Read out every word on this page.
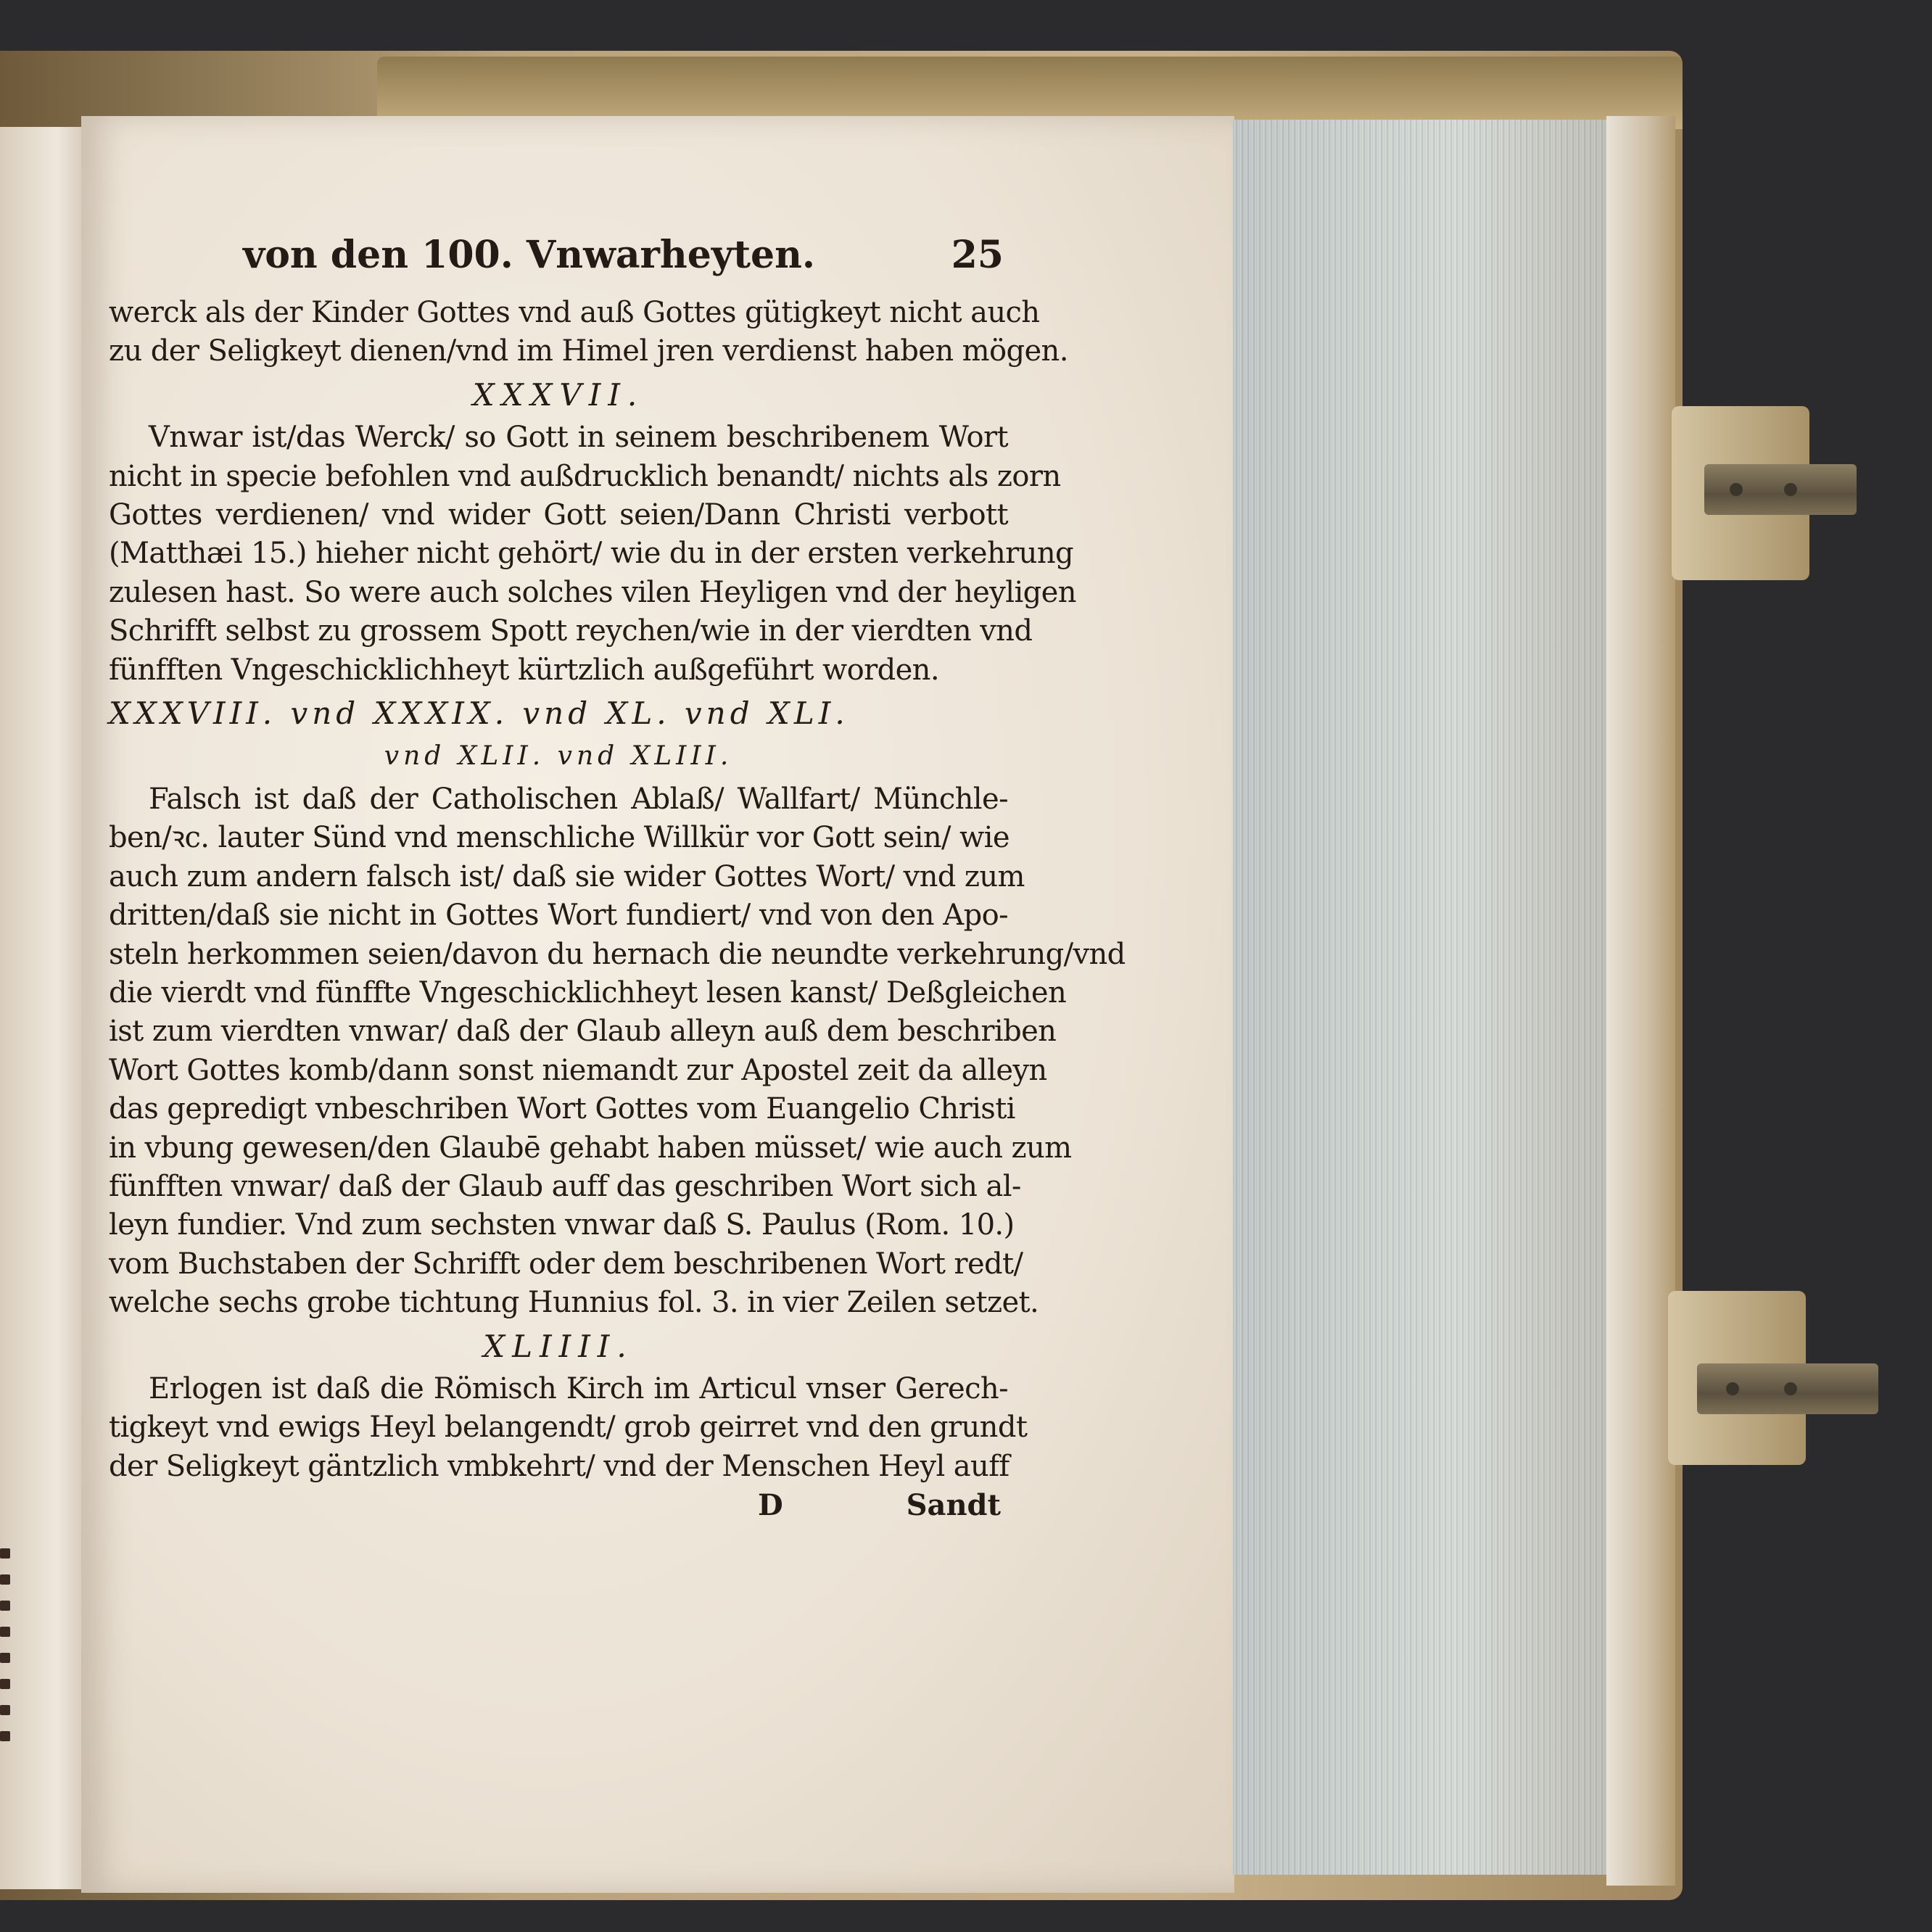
von den 100. Vnwarheyten.	25
werck als der Kinder Gottes vnd auß Gottes gütigkeyt nicht auch
zu der Seligkeyt dienen/vnd im Himel jren verdienst haben mögen.
XXXVII.
Vnwar ist/das Werck/ so Gott in seinem beschribenem Wort
nicht in specie befohlen vnd außdrucklich benandt/ nichts als zorn
Gottes verdienen/ vnd wider Gott seien/Dann Christi verbott
(Matthæi 15.) hieher nicht gehört/ wie du in der ersten verkehrung
zulesen hast. So were auch solches vilen Heyligen vnd der heyligen
Schrifft selbst zu grossem Spott reychen/wie in der vierdten vnd
fünfften Vngeschicklichheyt kürtzlich außgeführt worden.
XXXVIII. vnd XXXIX. vnd XL. vnd XLI.
vnd XLII. vnd XLIII.
Falsch ist daß der Catholischen Ablaß/ Wallfart/ Münchle-
ben/ꝛc. lauter Sünd vnd menschliche Willkür vor Gott sein/ wie
auch zum andern falsch ist/ daß sie wider Gottes Wort/ vnd zum
dritten/daß sie nicht in Gottes Wort fundiert/ vnd von den Apo-
steln herkommen seien/davon du hernach die neundte verkehrung/vnd
die vierdt vnd fünffte Vngeschicklichheyt lesen kanst/ Deßgleichen
ist zum vierdten vnwar/ daß der Glaub alleyn auß dem beschriben
Wort Gottes komb/dann sonst niemandt zur Apostel zeit da alleyn
das gepredigt vnbeschriben Wort Gottes vom Euangelio Christi
in vbung gewesen/den Glaubē gehabt haben müsset/ wie auch zum
fünfften vnwar/ daß der Glaub auff das geschriben Wort sich al-
leyn fundier. Vnd zum sechsten vnwar daß S. Paulus (Rom. 10.)
vom Buchstaben der Schrifft oder dem beschribenen Wort redt/
welche sechs grobe tichtung Hunnius fol. 3. in vier Zeilen setzet.
XLIIII.
Erlogen ist daß die Römisch Kirch im Articul vnser Gerech-
tigkeyt vnd ewigs Heyl belangendt/ grob geirret vnd den grundt
der Seligkeyt gäntzlich vmbkehrt/ vnd der Menschen Heyl auff
D	Sandt
